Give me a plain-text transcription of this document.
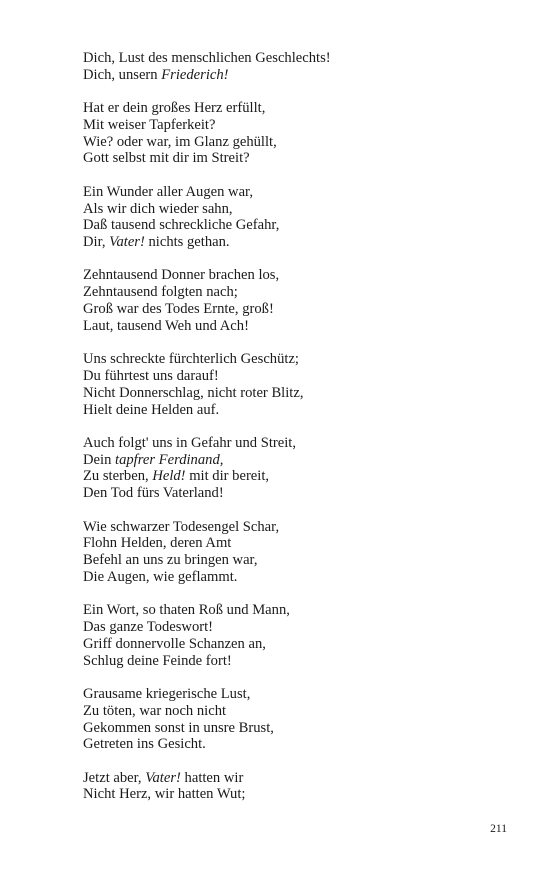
Dich, Lust des menschlichen Geschlechts!
Dich, unsern Friederich!
Hat er dein großes Herz erfüllt,
Mit weiser Tapferkeit?
Wie? oder war, im Glanz gehüllt,
Gott selbst mit dir im Streit?
Ein Wunder aller Augen war,
Als wir dich wieder sahn,
Daß tausend schreckliche Gefahr,
Dir, Vater! nichts gethan.
Zehntausend Donner brachen los,
Zehntausend folgten nach;
Groß war des Todes Ernte, groß!
Laut, tausend Weh und Ach!
Uns schreckte fürchterlich Geschütz;
Du führtest uns darauf!
Nicht Donnerschlag, nicht roter Blitz,
Hielt deine Helden auf.
Auch folgt' uns in Gefahr und Streit,
Dein tapfrer Ferdinand,
Zu sterben, Held! mit dir bereit,
Den Tod fürs Vaterland!
Wie schwarzer Todesengel Schar,
Flohn Helden, deren Amt
Befehl an uns zu bringen war,
Die Augen, wie geflammt.
Ein Wort, so thaten Roß und Mann,
Das ganze Todeswort!
Griff donnervolle Schanzen an,
Schlug deine Feinde fort!
Grausame kriegerische Lust,
Zu töten, war noch nicht
Gekommen sonst in unsre Brust,
Getreten ins Gesicht.
Jetzt aber, Vater! hatten wir
Nicht Herz, wir hatten Wut;
211
